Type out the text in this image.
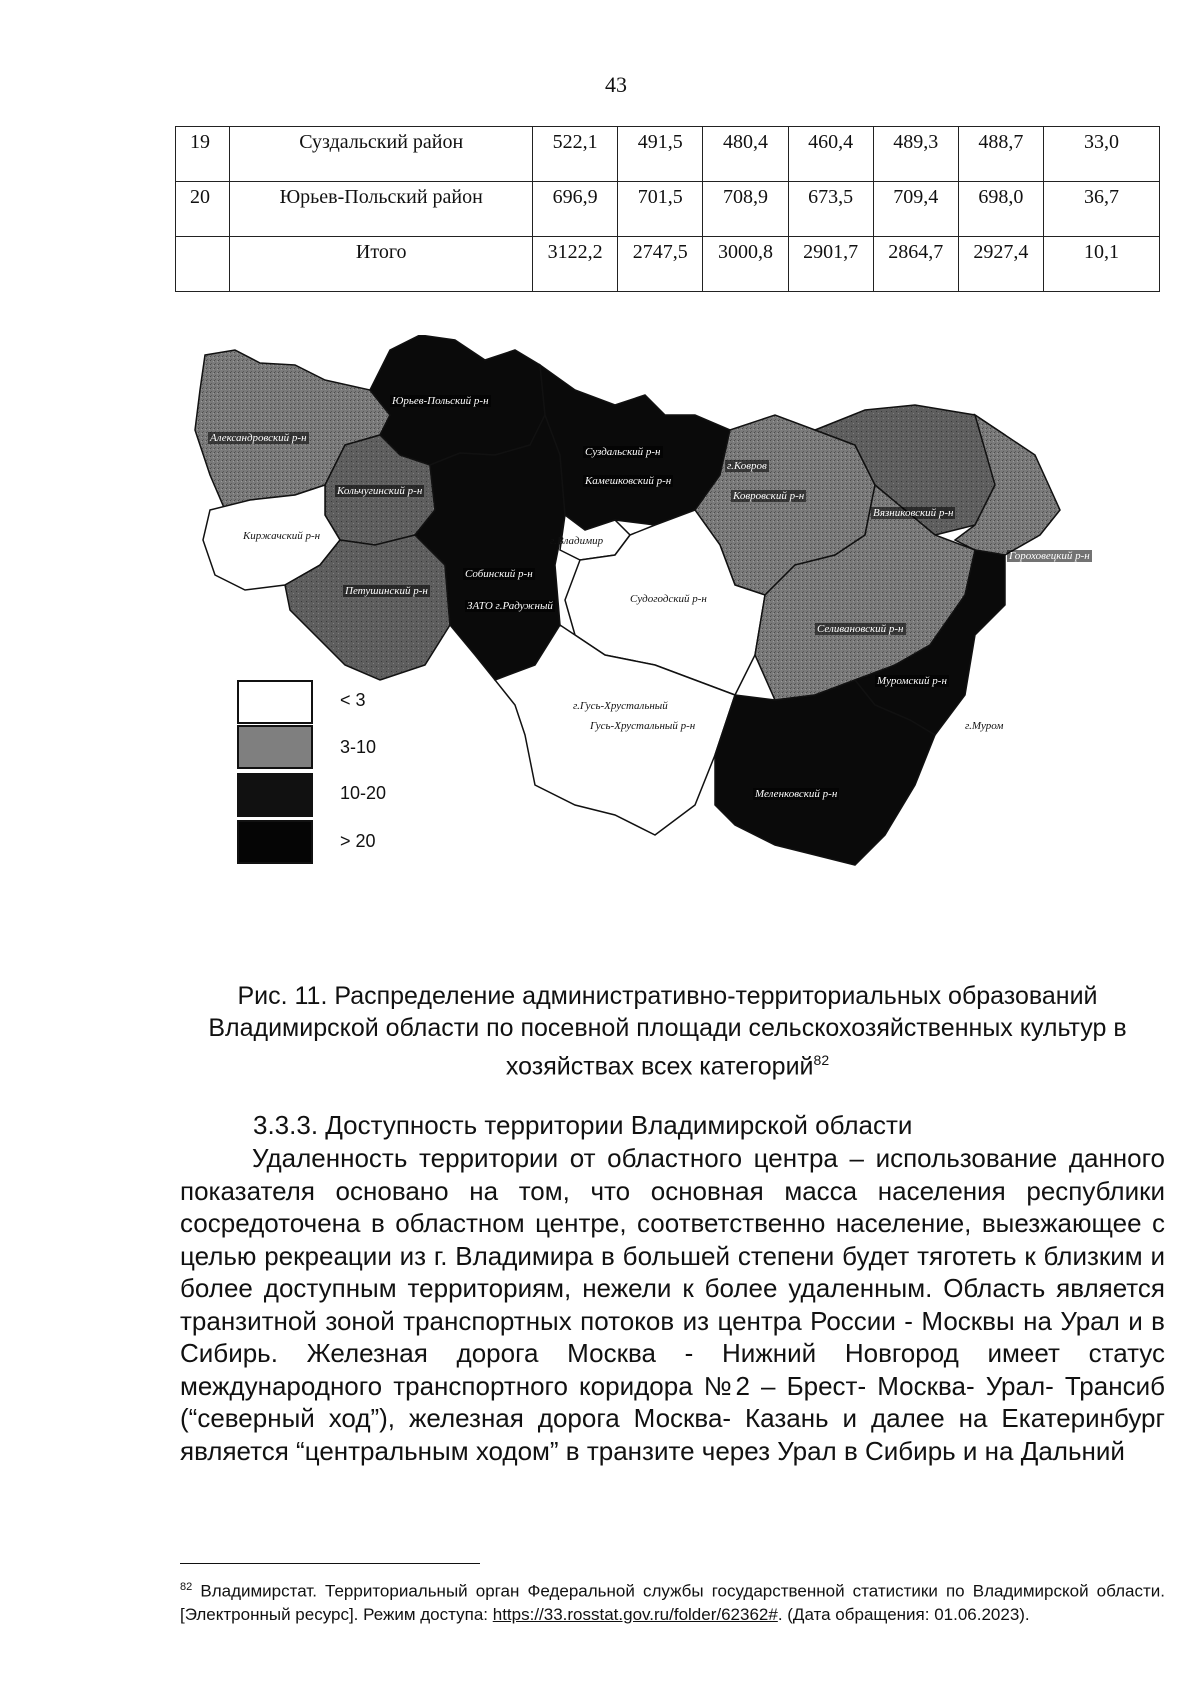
43
19	Суздальский район	522,1	491,5	480,4	460,4	489,3	488,7	33,0
20	Юрьев-Польский район	696,9	701,5	708,9	673,5	709,4	698,0	36,7
	Итого	3122,2	2747,5	3000,8	2901,7	2864,7	2927,4	10,1
Юрьев-Польский р-н
Александровский р-н
Кольчугинский р-н
Киржачский р-н
Петушинский р-н
Собинский р-н
ЗАТО г.Радужный
Суздальский р-н
Камешковский р-н
г.Владимир
Судогодский р-н
г.Ковров
Ковровский р-н
Вязниковский р-н
Гороховецкий р-н
Селивановский р-н
Муромский р-н
г.Муром
г.Гусь-Хрустальный
Гусь-Хрустальный р-н
Меленковский р-н
< 3
3-10
10-20
> 20
Рис. 11. Распределение административно-территориальных образований Владимирской области по посевной площади сельскохозяйственных культур в хозяйствах всех категорий$^{82}$
3.3.3. Доступность территории Владимирской области
Удаленность территории от областного центра – использование данного показателя основано на том, что основная масса населения республики сосредоточена в областном центре, соответственно население, выезжающее с целью рекреации из г. Владимира в большей степени будет тяготеть к близким и более доступным территориям, нежели к более удаленным. Область является транзитной зоной транспортных потоков из центра России - Москвы на Урал и в Сибирь. Железная дорога Москва - Нижний Новгород имеет статус международного транспортного коридора №2 – Брест- Москва- Урал- Трансиб (“северный ход”), железная дорога Москва- Казань и далее на Екатеринбург является “центральным ходом” в транзите через Урал в Сибирь и на Дальний
$^{82}$ Владимирстат. Территориальный орган Федеральной службы государственной статистики по Владимирской области. [Электронный ресурс]. Режим доступа: https://33.rosstat.gov.ru/folder/62362#. (Дата обращения: 01.06.2023).
